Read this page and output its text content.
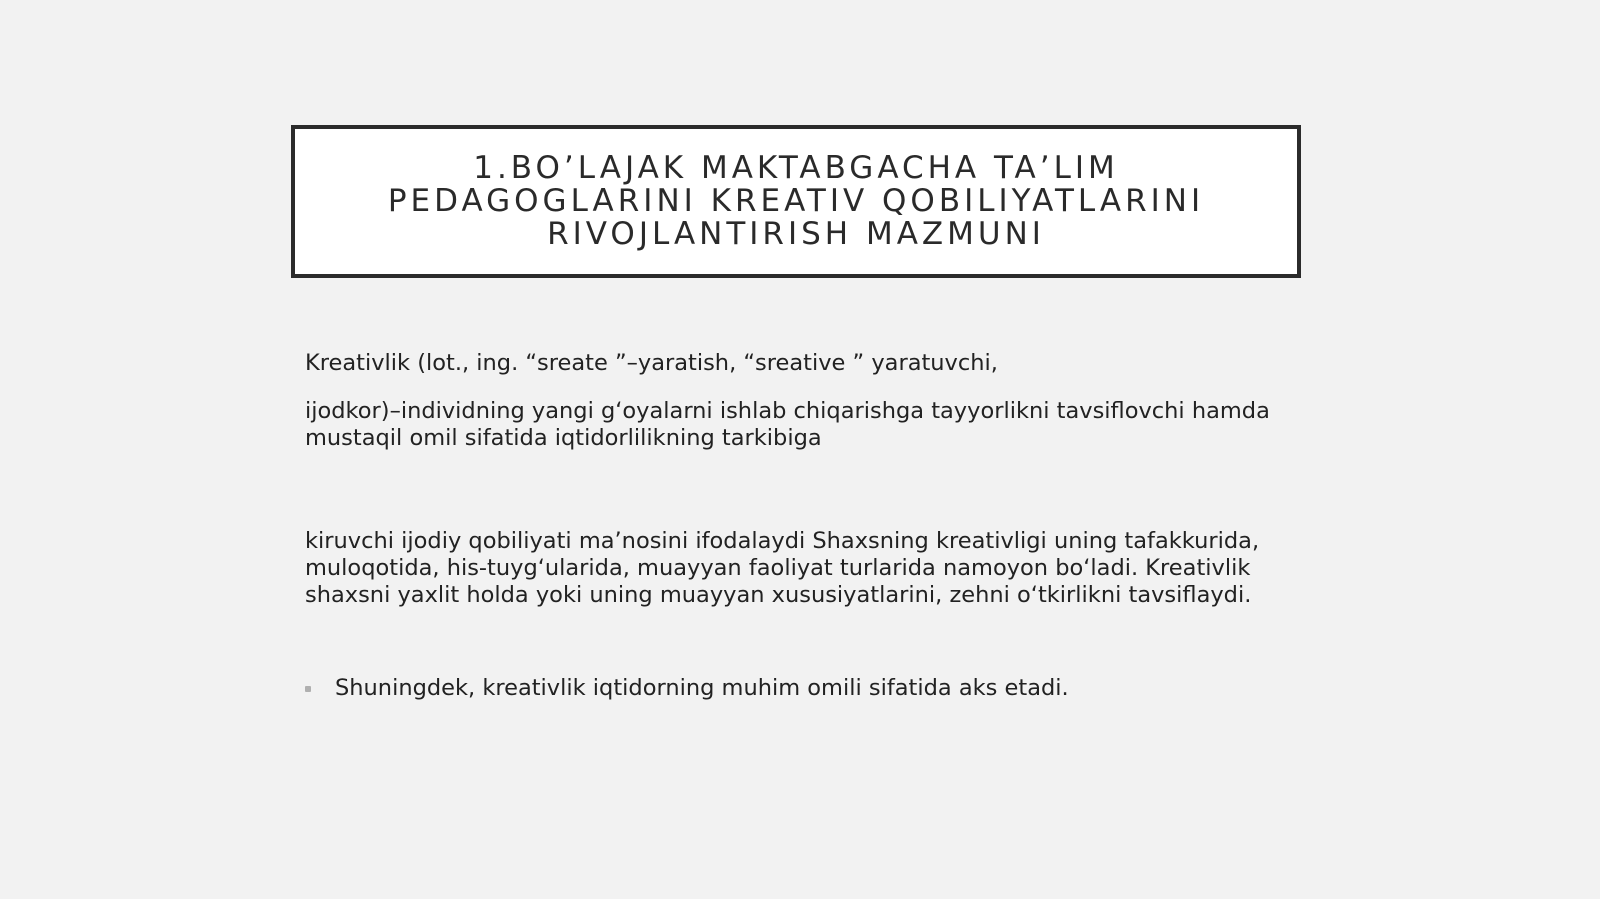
1.BO’LAJAK MAKTABGACHA TA’LIM PEDAGOGLARINI KREATIV QOBILIYATLARINI RIVOJLANTIRISH MAZMUNI

Kreativlik (lot., ing. “sreate ”–yaratish, “sreative ” yaratuvchi,

ijodkor)–individning yangi g‘oyalarni ishlab chiqarishga tayyorlikni tavsiflovchi hamda mustaqil omil sifatida iqtidorlilikning tarkibiga

kiruvchi ijodiy qobiliyati ma’nosini ifodalaydi Shaxsning kreativligi uning tafakkurida, muloqotida, his-tuyg‘ularida, muayyan faoliyat turlarida namoyon bo‘ladi. Kreativlik shaxsni yaxlit holda yoki uning muayyan xususiyatlarini, zehni o‘tkirlikni tavsiflaydi.

Shuningdek, kreativlik iqtidorning muhim omili sifatida aks etadi.
